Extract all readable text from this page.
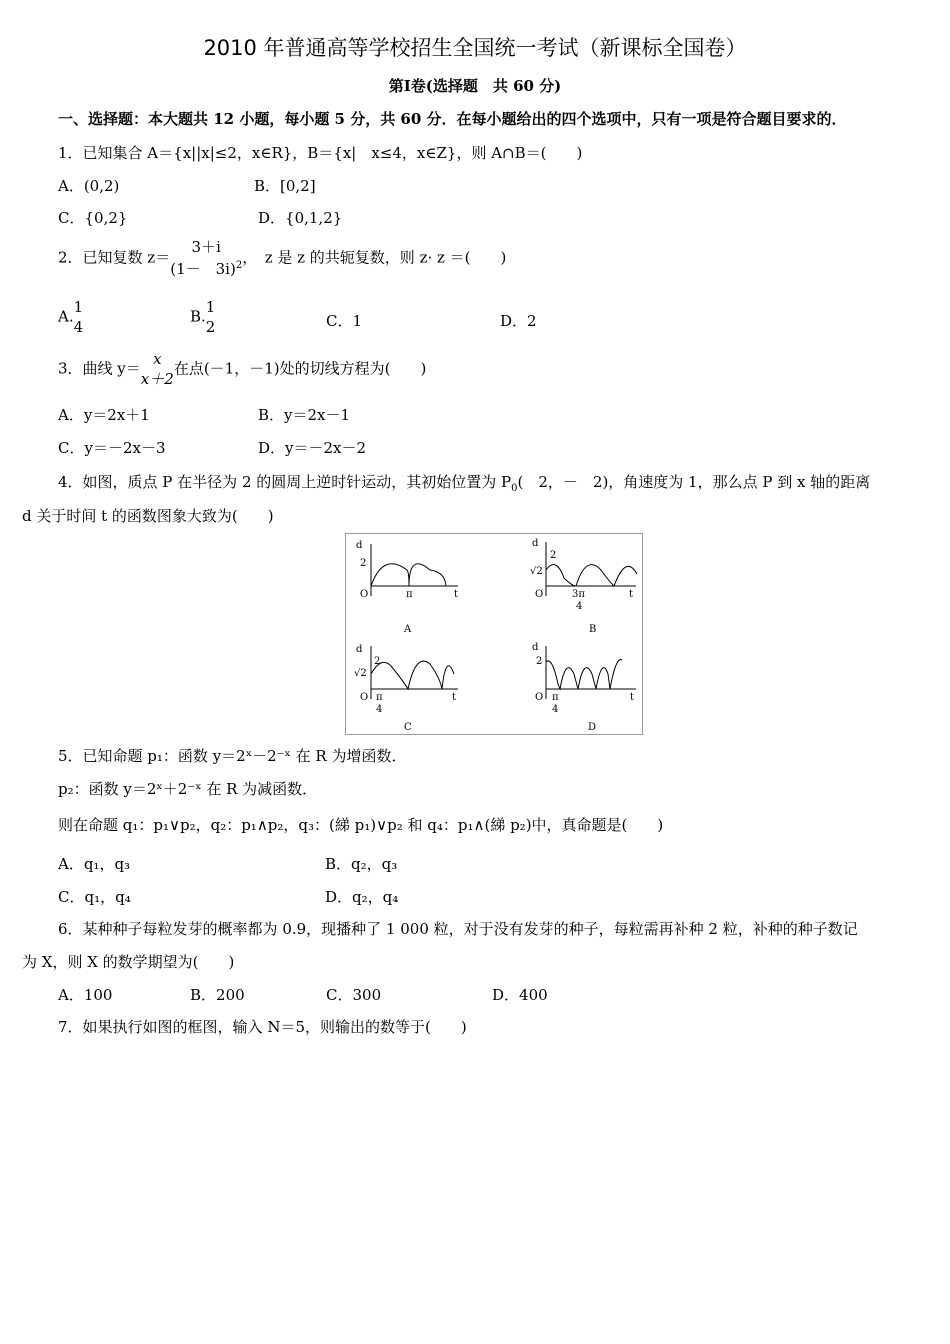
2010 年普通高等学校招生全国统一考试（新课标全国卷）
第Ⅰ卷(选择题　共 60 分)
一、选择题：本大题共 12 小题，每小题 5 分，共 60 分．在每小题给出的四个选项中，只有一项是符合题目要求的．
1．已知集合 A＝{x||x|≤2，x∈R}，B＝{x|　x≤4，x∈Z}，则 A∩B＝(　　)
A．(0,2)	B．[0,2]
C．{0,2}	D．{0,1,2}
2．已知复数 $z= \frac{3+i}{(1- 3i)^2}$ ，　z 是 z 的共轭复数，则 z· z ＝(　　)
A.
1
4
B.
1
2	C．1	D．2
3．曲线 y＝
x
x＋2
在点(－1，－1)处的切线方程为(　　)
A．y＝2x＋1	B．y＝2x－1
C．y＝－2x－3	D．y＝－2x－2
4．如图，质点 P 在半径为 2 的圆周上逆时针运动，其初始位置为 $P_0$(　2，－　2)，角速度为 1，那么点 P 到 x 轴的距离
d 关于时间 t 的函数图象大致为(　　)
d
2
O	π	t
A
d
2
√2
O	3π
4
t
B
d
2
√2
O π
4
t
C
d
2
O π
4
t
D
5．已知命题 p₁：函数 y＝2ˣ－2⁻ˣ 在 R 为增函数．
p₂：函数 y＝2ˣ＋2⁻ˣ 在 R 为减函数．
则在命题 q₁：p₁∨p₂，q₂：p₁∧p₂，q₃：(綈 p₁)∨p₂ 和 q₄：p₁∧(綈 p₂)中，真命题是(　　)
A．q₁，q₃	B．q₂，q₃
C．q₁，q₄	D．q₂，q₄
6．某种种子每粒发芽的概率都为 0.9，现播种了 1 000 粒，对于没有发芽的种子，每粒需再补种 2 粒，补种的种子数记
为 X，则 X 的数学期望为(　　)
A．100	B．200	C．300	D．400
7．如果执行如图的框图，输入 N＝5，则输出的数等于(　　)
